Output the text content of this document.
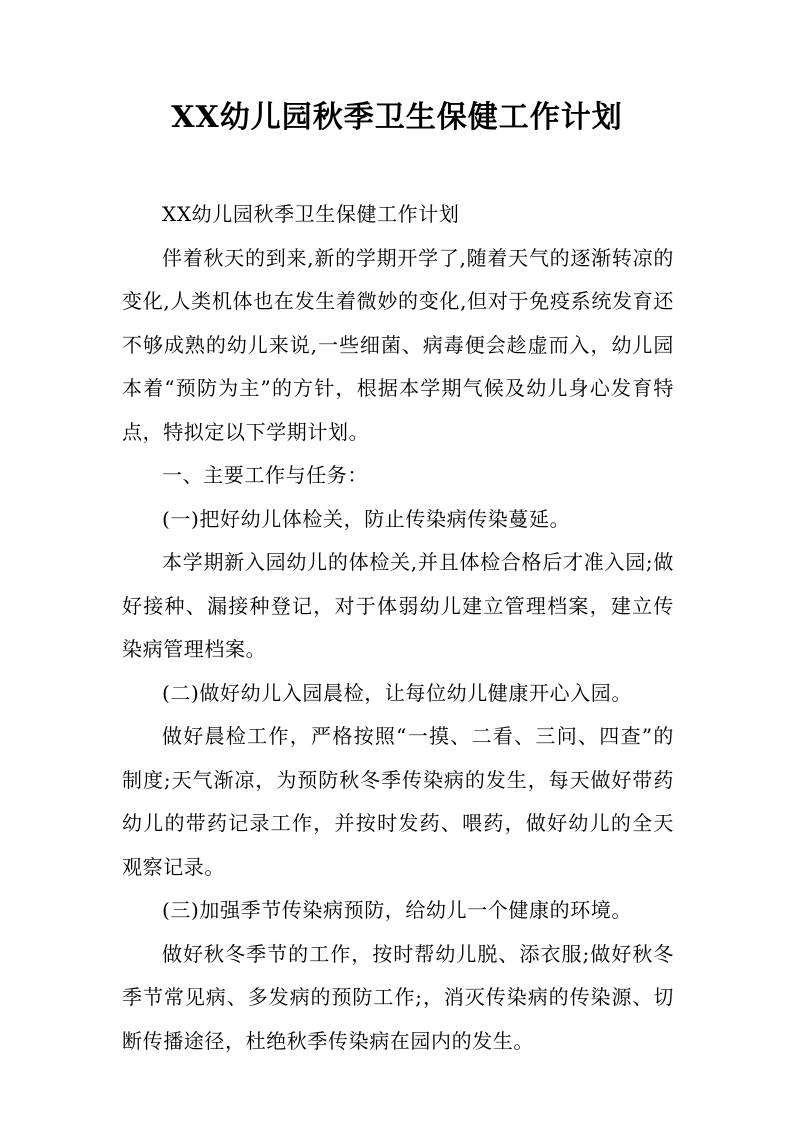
XX幼儿园秋季卫生保健工作计划

XX幼儿园秋季卫生保健工作计划

伴着秋天的到来,新的学期开学了,随着天气的逐渐转凉的变化,人类机体也在发生着微妙的变化,但对于免疫系统发育还不够成熟的幼儿来说,一些细菌、病毒便会趁虚而入，幼儿园本着“预防为主”的方针，根据本学期气候及幼儿身心发育特点，特拟定以下学期计划。

一、主要工作与任务：

(一)把好幼儿体检关，防止传染病传染蔓延。

本学期新入园幼儿的体检关,并且体检合格后才准入园;做好接种、漏接种登记，对于体弱幼儿建立管理档案，建立传染病管理档案。

(二)做好幼儿入园晨检，让每位幼儿健康开心入园。

做好晨检工作，严格按照“一摸、二看、三问、四查”的制度;天气渐凉，为预防秋冬季传染病的发生，每天做好带药幼儿的带药记录工作，并按时发药、喂药，做好幼儿的全天观察记录。

(三)加强季节传染病预防，给幼儿一个健康的环境。

做好秋冬季节的工作，按时帮幼儿脱、添衣服;做好秋冬季节常见病、多发病的预防工作;，消灭传染病的传染源、切断传播途径，杜绝秋季传染病在园内的发生。
